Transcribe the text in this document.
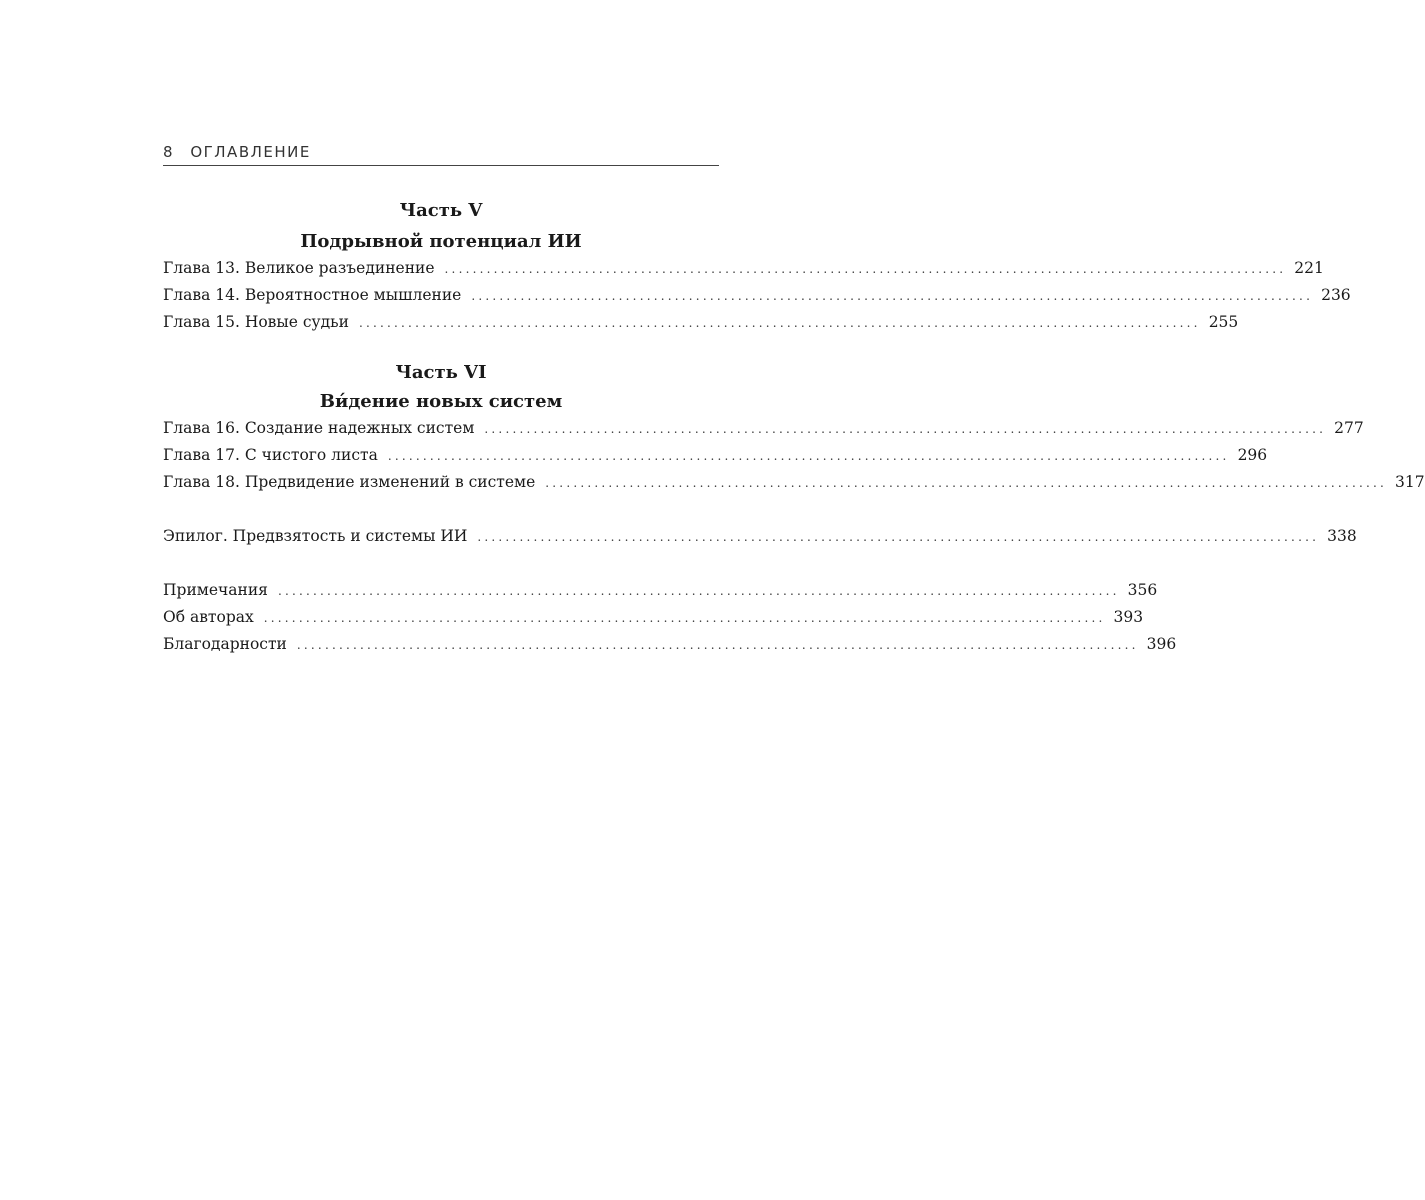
8 ОГЛАВЛЕНИЕ
Часть V
Подрывной потенциал ИИ
Глава 13. Великое разъединение ........................................................................................................................ 221
Глава 14. Вероятностное мышление ........................................................................................................................ 236
Глава 15. Новые судьи ........................................................................................................................ 255
Часть VI
Ви́дение новых систем
Глава 16. Создание надежных систем ........................................................................................................................ 277
Глава 17. С чистого листа ........................................................................................................................ 296
Глава 18. Предвидение изменений в системе ........................................................................................................................ 317
Эпилог. Предвзятость и системы ИИ ........................................................................................................................ 338
Примечания ........................................................................................................................ 356
Об авторах ........................................................................................................................ 393
Благодарности ........................................................................................................................ 396
